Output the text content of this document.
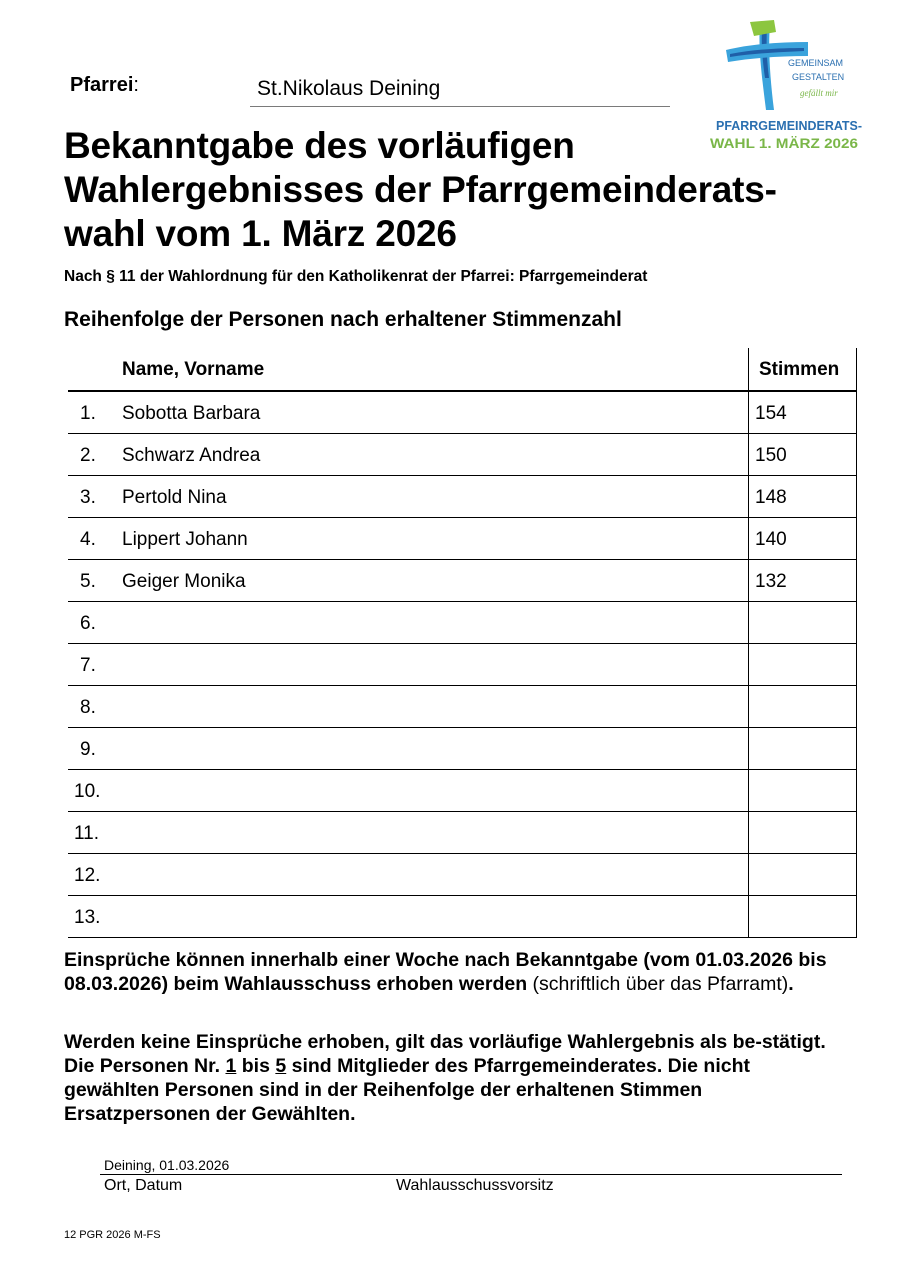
Pfarrei:	St.Nikolaus Deining
GEMEINSAM
GESTALTEN
gefällt mir
PFARRGEMEINDERATS-
WAHL 1. MÄRZ 2026
Bekanntgabe des vorläufigen
Wahlergebnisses der Pfarrgemeinderats-
wahl vom 1. März 2026
Nach § 11 der Wahlordnung für den Katholikenrat der Pfarrei: Pfarrgemeinderat
Reihenfolge der Personen nach erhaltener Stimmenzahl
Name, Vorname	Stimmen
1. Sobotta Barbara	154
2. Schwarz Andrea	150
3. Pertold Nina	148
4. Lippert Johann	140
5. Geiger Monika	132
6.
7.
8.
9.
10.
11.
12.
13.
Einsprüche können innerhalb einer Woche nach Bekanntgabe (vom 01.03.2026 bis 08.03.2026) beim Wahlausschuss erhoben werden (schriftlich über das Pfarramt).
Werden keine Einsprüche erhoben, gilt das vorläufige Wahlergebnis als be-stätigt. Die Personen Nr. 1 bis 5 sind Mitglieder des Pfarrgemeinderates. Die nicht gewählten Personen sind in der Reihenfolge der erhaltenen Stimmen Ersatzpersonen der Gewählten.
Deining, 01.03.2026
Ort, Datum	Wahlausschussvorsitz
12 PGR 2026 M-FS
